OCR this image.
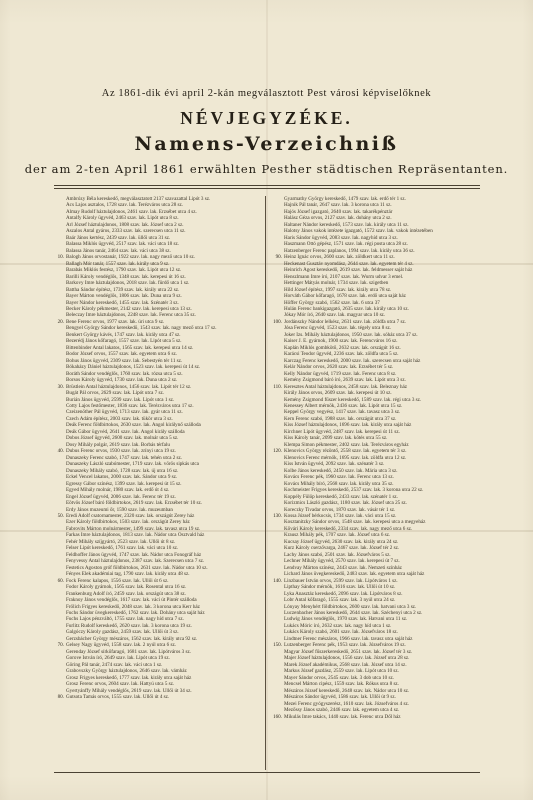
Az 1861-dik évi april 2-kán megválasztott Pest városi képviselőknek
NÉVJEGYZÉKE.
Namens-Verzeichniß
der am 2-ten April 1861 erwählten Pesther städtischen Repräsentanten.
Ambrózy Béla kereskedő, megválasztatott 2137 szavazattal Lipót 3 sz.
Ács Lajos asztalos, 1728 szav. lak. Terézváros utca 28 sz.
Almay Rudolf háztulajdonos, 2461 szav. lak. Erzsébet utca 4 sz.
Antalfy Károly ügyvéd, 2463 szav. lak. Lipót utca 8 sz.
Arl József háztulajdonos, 1808 szav. lak. József utca 2 sz.
Aszalos Antal gyáros, 2333 szav. lak. szerecsen utca 11 sz.
Baár János kertész, 2439 szav. lak. üllői utca 31 sz.
Balassa Miklós ügyvéd, 2517 szav. lak. váci utca 18 sz.
Balassa János tanár, 2464 szav. lak. váci utca 38 sz.
10. Balogh János orvostanár, 1922 szav. lak. nagy mező utca 10 sz.
Ballagh Mór tanár, 1557 szav. lak. király utca 9 sz.
Barabás Miklós festész, 1790 szav. lak. Lipót utca 12 sz.
Barilli Károly vendéglős, 1348 szav. lak. kerepesi út 16 sz.
Barkovy Imre háztulajdonos, 2018 szav. lak. fürdő utca 1 sz.
Battha Sándor építész, 1739 szav. lak. király utca 22 sz.
Bayer Márton vendéglős, 1806 szav. lak. Duna utca 9 sz.
Bayer Nándor kereskedő, 1455 szav. lak. Szénatér 3 sz.
Becker Károly pékmester, 2142 szav. lak. kerepesi utca 13 sz.
Beleczay Imre háztulajdonos, 2248 szav. lak. Ferenc utca 35 sz.
20. Bene Ferenc orvos, 1977 szav. lak. úri utca 9 sz.
Bengyel György Sándor kereskedő, 1543 szav. lak. nagy mező utca 17 sz.
Benkert György kávés, 1747 szav. lak. király utca 47 sz.
Bezerédj János kőfaragó, 1557 szav. lak. Lipót utca 5 sz.
Bittenbinder Antal lakatos, 1565 szav. lak. kerepesi utca 14 sz.
Bodor József orvos, 1557 szav. lak. egyetem utca 6 sz.
Bohus János ügyvéd, 2309 szav. lak. Sebestyén tér 11 sz.
Bókaházy Dániel háztulajdonos, 1523 szav. lak. kerepesi út 14 sz.
Boráth Sándor vendéglős, 1760 szav. lak. rózsa utca 5 sz.
Borsos Károly ügyvéd, 1730 szav. lak. Duna utca 2 sz.
30. Brüstlein Antal háztulajdonos, 1456 szav. lak. Lipót tér 12 sz.
Bugát Pál orvos, 2629 szav. lak. Lipót utca 7 sz.
Burián János ügyvéd, 2599 szav. lak. Lipót utca 1 sz.
Cotty Lajos festőmester, 1836 szav. lak. Terézváros utca 17 sz.
Czeizenöther Pál ügyvéd, 1713 szav. lak. gyár utca 11 sz.
Czech Adám építész, 2003 szav. lak. tükör utca 3 sz.
Deák Ferenc földbirtokos, 2630 szav. lak. Angol királynő szálloda
Deák Gábor ügyvéd, 2641 szav. lak. Angol király szálloda
Dobos József ügyvéd, 2600 szav. lak. molnár utca 5 sz.
Dosy Mihály polgár, 2619 szav. lak. Borbás térfalu
40. Dubus Ferenc orvos, 1930 szav. lak. zrínyi utca 19 sz.
Dunaszeky Ferenc szabó, 1747 szav. lak. tehén utca 2 sz.
Dunaszeky László szabómester, 1719 szav. lak. vörös sipkás utca
Dunaszeky Mihály szabó, 1728 szav. lak. új utca 16 sz.
Eckel Vencel lakatos, 2000 szav. lak. Sándor utca 9 sz.
Egressy Gábor színész, 1399 szav. lak. kerepesi út 15 sz.
Egyed Mihály molnár, 1980 szav. lak. erdő út 4 sz.
Engel József ügyvéd, 2006 szav. lak. Ferenc tér 19 sz.
Eötvös József báró földbirtokos, 2619 szav. lak. Erzsébet tér 10 sz.
Erdy János muzeumi őr, 1590 szav. lak. muzeumban
50. Eredi Adolf csatornamester, 2320 szav. lak. országút Zerey ház
Ezer Károly földbirtokos, 1503 szav. lak. országút Zerey ház
Fabrovits Márton molnármester, 1499 szav. lak. tavasz utca 19 sz.
Farkas Imre háztulajdonos, 1813 szav. lak. Nádor utca Osztvald ház
Fehér Mihály szíjgyártó, 2523 szav. lak. Üllői út 8 sz.
Felser Lipót kereskedő, 1761 szav. lak. váci utca 10 sz.
Feldhoffer János ügyvéd, 1747 szav. lak. Nádor utca Fonográf ház
Fenyvessy Antal háztulajdonos, 2387 szav. lak. Szerecsen utca 7 sz.
Festetics Agoston gróf földbirtokos, 2631 szav. lak. Nádor utca 10 sz.
Fényes Elek akadémiai tag, 1790 szav. lak. király utca 48 sz.
60. Fock Ferenc kalapos, 1556 szav. lak. Üllői út 6 sz.
Fodor Károly gyárnok, 1565 szav. lak. Rosental utca 16 sz.
Frankenburg Adolf író, 2459 szav. lak. országút utca 38 sz.
Fraknoy János vendéglős, 1617 szav. lak. váci út Pintér szálloda
Frölich Frigyes kereskedő, 2048 szav. lak. 3 korona utca Kerr ház
Fuchs Sándor üvegkereskedő, 1762 szav. lak. Dohány utca saját ház
Fuchs Lajos pénzváltó, 1755 szav. lak. nagy híd utca 7 sz.
Furlitz Rudolf kereskedő, 2620 szav. lak. 3 korona utca 19 sz.
Galgóczy Károly gazdász, 2459 szav. lak. Üllői út 3 sz.
Gerzsbácher György mészáros, 1562 szav. lak. király utca 92 sz.
70. Gelsey Nagy ügyvéd, 1558 szav. lak. 2 nyúl utca 6 sz.
Gerenday József sírkőfaragó, 1681 szav. lak. Lipótváros 3 sz.
Gorove István író, 2649 szav. lak. Lipót utca 19 sz.
Göring Pál tanár, 2474 szav. lak. váci utca 1 sz.
Grabovszky György háztulajdonos, 2646 szav. lak. vámház
Grosz Frigyes kereskedő, 1777 szav. lak. király utca saját ház
Grosz Ferenc orvos, 2604 szav. lak. Hattyú utca 5 sz.
Gyertyánffy Mihály vendéglős, 2619 szav. lak. Üllői út 34 sz.
80. Gutsota Tamás orvos, 1555 szav. lak. Üllői út 4 sz.
Gyarmathy György kereskedő, 1479 szav. lak. erdő tér 1 sz.
Hajnik Pál tanár, 2647 szav. lak. 3 korona utca 11 sz.
Hajós József igazgató, 2640 szav. lak. takarékpénztár
Halász Géza orvos, 2127 szav. lak. dohány utca 2 sz.
Haltaner Nándor kereskedő, 1573 szav. lak. király utca 11 sz.
Halotsy János vakok intézete igazgató, 1572 szav. lak. vakok intézetében
Haris Sándor ügyvéd, 2083 szav. lak. nagyhíd utca 3 sz.
Haszmann Ottó gépész, 1571 szav. lak. régi posta utca 28 sz.
Hatzenberger Ferenc paplanos, 1994 szav. lak. király utca 36 sz.
90. Heinz Ignác orvos, 2600 szav. lak. zöldkert utca 11 sz.
Heckenast Gusztáv nyomdász, 2644 szav. lak. egyetem tér 4 sz.
Heinrich Ágost kereskedő, 2619 szav. lak. feldmesser saját ház
Henszlmann Imre író, 2107 szav. lak. Wurm udvar 3 emel.
Hettinger Mátyás molnár, 1734 szav. lak. szigetben
Hild József építész, 1997 szav. lak. király utca 78 sz.
Horváth Gábor kőfaragó, 1678 szav. lak. erdő utca saját ház
Höffer György szabó, 1562 szav. lak. 6 utca 37
Hulán Ferenc bankigazgató, 2635 szav. lak. király utca 10 sz.
Jókay Mór író, 2640 szav. lak. magyar utca 10 sz.
100. Jordánszky Nándor lelkész, 2631 szav. lak. zöldfa utca 7 sz.
Jósa Ferenc ügyvéd, 1523 szav. lak. tégely utca 8 sz.
Joker Izs. Mihály háztulajdonos, 1950 szav. lak. sóház utca 37 sz.
Kaiser J. E. gyárnok, 1900 szav. lak. Ferencváros 16 sz.
Kaplán Miklós gombkötő, 2632 szav. lak. országút 16 sz.
Karácsi Teodor ügyvéd, 2236 szav. lak. zöldfa utca 5 sz.
Karczag Ferenc kereskedő, 2000 szav. lak. szerecsen utca saját ház
Kelár Nándor orvos, 2620 szav. lak. Erzsébet tér 5 sz.
Kelly Nándor ügyvéd, 1719 szav. lak. Ferenc utca 8 sz.
Kemény Zsigmond báró író, 2639 szav. lak. Lipót utca 3 sz.
110. Keresztes Antal háztulajdonos, 2458 szav. lak. Beleznay ház
Király János orvos, 2609 szav. lak. kerepesi út 10 sz.
Kemény Zsigmond fűszer kereskedő, 1589 szav. lak. régi utca 3 sz.
Kenessey Albert mérnök, 2436 szav. lak. Lipót utca 15 sz.
Keppel György vegyész, 1417 szav. lak. tavasz utca 3 sz.
Kern Ferenc szabó, 1988 szav. lak. országút utca 37 sz.
Kiss József háztulajdonos, 1696 szav. lak. király utca saját ház
Kirchner Lipót ügyvéd, 2487 szav. lak. kerepesi út 11 sz.
Kiss Károly tanár, 2099 szav. lak. kötés utca 55 sz.
Klempa Simon pékmester, 2402 szav. lak. Terézváros egyház
120. Klenovics György rézöntő, 2558 szav. lak. egyetem tér 3 sz.
Klenovics Ferenc mérnök, 1695 szav. lak. zöldfa utca 12 sz.
Kiss István ügyvéd, 2092 szav. lak. szénatér 3 sz.
Kolbe János kereskedő, 2450 szav. lak. Mária utca 3 sz.
Kovács Ferenc pék, 1960 szav. lak. Ferenc utca 13 sz.
Kovács Mihály bíró, 2568 szav. lak. király utca 35 sz.
Kochmeister Frigyes kereskedő, 2537 szav. lak. 3 korona utca 22 sz.
Koppély Fülöp kereskedő, 2433 szav. lak. szénatér 1 sz.
Korizmics László gazdász, 1180 szav. lak. József utca 25 sz.
Koreczky Tivadar orvos, 1870 szav. lak. vásár tér 1 sz.
130. Kossa József bérkocsis, 1734 szav. lak. váci utca 15 sz.
Kosztanitzky Sándor orvos, 1548 szav. lak. kerepesi utca a megyeház
Kővári Károly kereskedő, 2334 szav. lak. nagy mező utca 6 sz.
Krausz Mihály pék, 1707 szav. lak. József utca 6 sz.
Kucsay József ügyvéd, 2630 szav. lak. király utca 24 sz.
Kurz Károly cserzővarga, 2467 szav. lak. József tér 2 sz.
Lachy János szabó, 2501 szav. lak. Józsefváros 5 sz.
Lechner Mihály ügyvéd, 2570 szav. lak. kerepesi út 7 sz.
Lendvay Márton színész, 2443 szav. lak. Nemzeti színház
Lichard János üvegkereskedő, 2483 szav. lak. egyetem utca saját ház
140. Linzbauer István orvos, 2599 szav. lak. Lipótváros 1 sz.
Lipthay Sándor mérnök, 1616 szav. lak. Üllői út 10 sz.
Lyka Anasztáz kereskedő, 2096 szav. lak. Lipótváros 8 sz.
Lobr Antal kőfaragó, 1555 szav. lak. 3 nyúl utca 24 sz.
Lónyay Menyhért földbirtokos, 2600 szav. lak. hatvani utca 3 sz.
Luczenbacher János kereskedő, 2644 szav. lak. Széchenyi utca 2 sz.
Ludwig János vendéglős, 1970 szav. lak. Hatvani utca 11 sz.
Lukács Móric író, 2632 szav. lak. nagy híd utca 1 sz.
Lukács Károly szabó, 2601 szav. lak. Józsefváros 18 sz.
Lindtner Ferenc mészáros, 1966 szav. lak. tavasz utca saját ház
150. Lutzenberger Ferenc pék, 1953 szav. lak. Józsefváros 19 sz.
Magyar József fűszerkereskedő, 2651 szav. lak. József tér 3 sz.
Majer József háztulajdonos, 1556 szav. lak. József utca 28 sz.
Marek József akadémikus, 2568 szav. lak. József utca 14 sz.
Markus József gazdász, 2559 szav. lak. Lipót utca 10 sz.
Mayer Sándor orvos, 2545 szav. lak. 3 dob utca 10 sz.
Mencsel Márton cipész, 1559 szav. lak. Rókus utca 8 sz.
Mészáros József kereskedő, 2648 szav. lak. Nádor utca 10 sz.
Mészáros Sándor ügyvéd, 1586 szav. lak. Üllői út 9 sz.
Mezei Ferenc gyógyszerész, 1610 szav. lak. Józsefváros 4 sz.
Mezőssy János szabó, 2446 szav. lak. egyetem utca 4 sz.
160. Mikulás Imre takács, 1440 szav. lak. Ferenc utca Dől ház
